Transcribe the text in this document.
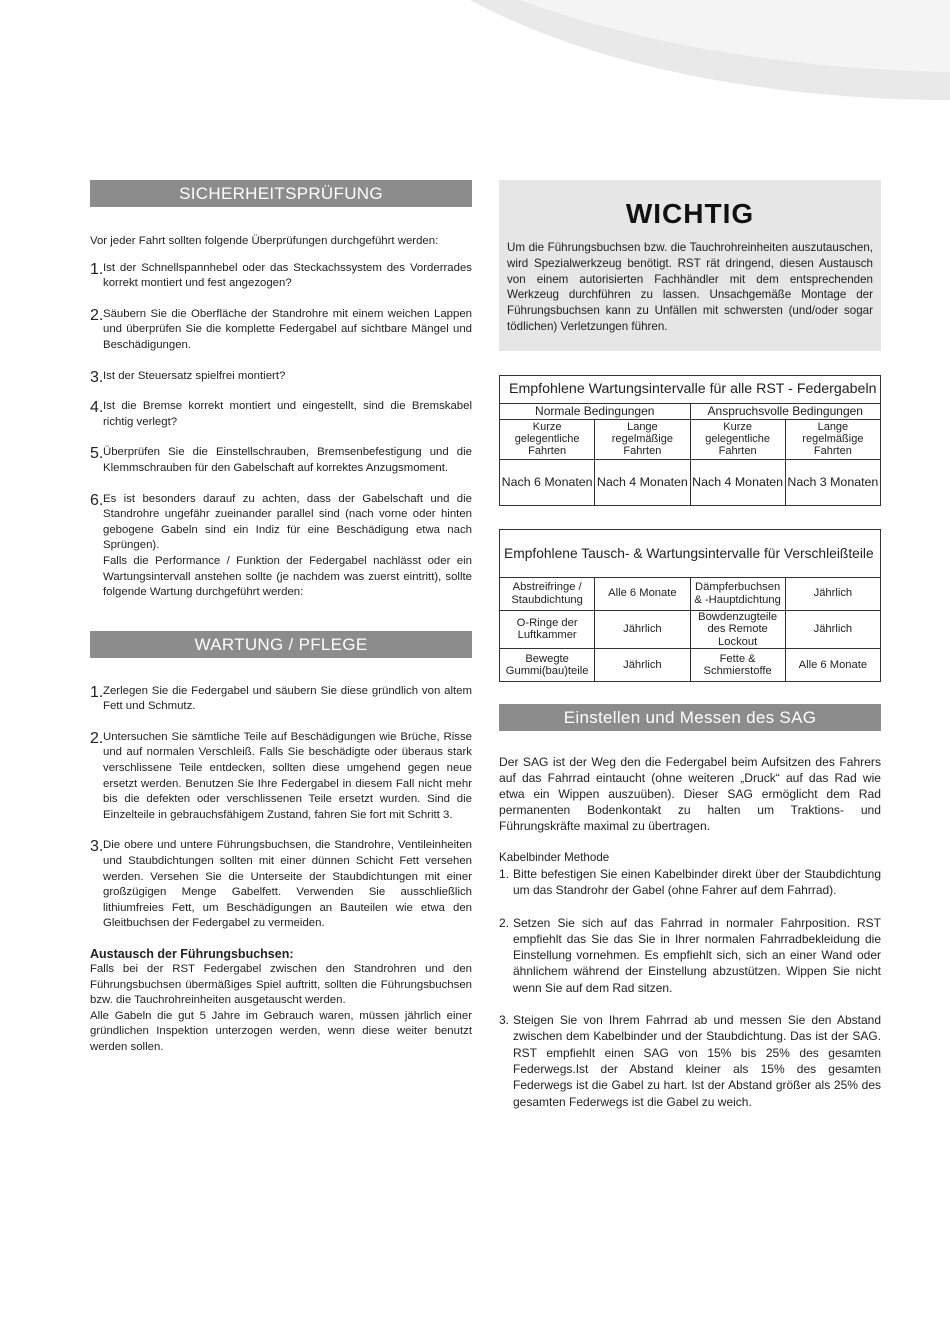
SICHERHEITSPRÜFUNG

Vor jeder Fahrt sollten folgende Überprüfungen durchgeführt werden:

1. Ist der Schnellspannhebel oder das Steckachssystem des Vorderrades korrekt montiert und fest angezogen?

2. Säubern Sie die Oberfläche der Standrohre mit einem weichen Lappen und überprüfen Sie die komplette Federgabel auf sichtbare Mängel und Beschädigungen.

3. Ist der Steuersatz spielfrei montiert?

4. Ist die Bremse korrekt montiert und eingestellt, sind die Bremskabel richtig verlegt?

5. Überprüfen Sie die Einstellschrauben, Bremsenbefestigung und die Klemmschrauben für den Gabelschaft auf korrektes Anzugsmoment.

6. Es ist besonders darauf zu achten, dass der Gabelschaft und die Standrohre ungefähr zueinander parallel sind (nach vorne oder hinten gebogene Gabeln sind ein Indiz für eine Beschädigung etwa nach Sprüngen).

Falls die Performance / Funktion der Federgabel nachlässt oder ein Wartungsintervall anstehen sollte (je nachdem was zuerst eintritt), sollte folgende Wartung durchgeführt werden:

WARTUNG / PFLEGE
1. Zerlegen Sie die Federgabel und säubern Sie diese gründlich von altem Fett und Schmutz.

2. Untersuchen Sie sämtliche Teile auf Beschädigungen wie Brüche, Risse und auf normalen Verschleiß. Falls Sie beschädigte oder überaus stark verschlissene Teile entdecken, sollten diese umgehend gegen neue ersetzt werden. Benutzen Sie Ihre Federgabel in diesem Fall nicht mehr bis die defekten oder verschlissenen Teile ersetzt wurden. Sind die Einzelteile in gebrauchsfähigem Zustand, fahren Sie fort mit Schritt 3.

3. Die obere und untere Führungsbuchsen, die Standrohre, Ventileinheiten und Staubdichtungen sollten mit einer dünnen Schicht Fett versehen werden. Versehen Sie die Unterseite der Staubdichtungen mit einer großzügigen Menge Gabelfett. Verwenden Sie ausschließlich lithiumfreies Fett, um Beschädigungen an Bauteilen wie etwa den Gleitbuchsen der Federgabel zu vermeiden.

Austausch der Führungsbuchsen:

Falls bei der RST Federgabel zwischen den Standrohren und den Führungsbuchsen übermäßiges Spiel auftritt, sollten die Führungsbuchsen bzw. die Tauchrohreinheiten ausgetauscht werden.

Alle Gabeln die gut 5 Jahre im Gebrauch waren, müssen jährlich einer gründlichen Inspektion unterzogen werden, wenn diese weiter benutzt werden sollen.

WICHTIG

Um die Führungsbuchsen bzw. die Tauchrohreinheiten auszutauschen, wird Spezialwerkzeug benötigt. RST rät dringend, diesen Austausch von einem autorisierten Fachhändler mit dem entsprechenden Werkzeug durchführen zu lassen. Unsachgemäße Montage der Führungsbuchsen kann zu Unfällen mit schwersten (und/oder sogar tödlichen) Verletzungen führen.

Empfohlene Wartungsintervalle für alle RST - Federgabeln			
Normale Bedingungen		Anspruchsvolle Bedingungen	
Kurze gelegentliche Fahrten	Lange regelmäßige Fahrten	Kurze gelegentliche Fahrten	Lange regelmäßige Fahrten
Nach 6 Monaten	Nach 4 Monaten	Nach 4 Monaten	Nach 3 Monaten
Empfohlene Tausch- & Wartungsintervalle für Verschleißteile			
Abstreifringe / Staubdichtung	Alle 6 Monate	Dämpferbuchsen & -Hauptdichtung	Jährlich
O-Ringe der Luftkammer	Jährlich	Bowdenzugteile des Remote Lockout	Jährlich
Bewegte Gummi(bau)teile	Jährlich	Fette & Schmierstoffe	Alle 6 Monate
Einstellen und Messen des SAG

Der SAG ist der Weg den die Federgabel beim Aufsitzen des Fahrers auf das Fahrrad eintaucht (ohne weiteren „Druck“ auf das Rad wie etwa ein Wippen auszuüben). Dieser SAG ermöglicht dem Rad permanenten Bodenkontakt zu halten um Traktions- und Führungskräfte maximal zu übertragen.

Kabelbinder Methode

1. Bitte befestigen Sie einen Kabelbinder direkt über der Staubdichtung um das Standrohr der Gabel (ohne Fahrer auf dem Fahrrad).
2. Setzen Sie sich auf das Fahrrad in normaler Fahrposition. RST empfiehlt das Sie das Sie in Ihrer normalen Fahrradbekleidung die Einstellung vornehmen. Es empfiehlt sich, sich an einer Wand oder ähnlichem während der Einstellung abzustützen. Wippen Sie nicht wenn Sie auf dem Rad sitzen.
3. Steigen Sie von Ihrem Fahrrad ab und messen Sie den Abstand zwischen dem Kabelbinder und der Staubdichtung. Das ist der SAG. RST empfiehlt einen SAG von 15% bis 25% des gesamten Federwegs.Ist der Abstand kleiner als 15% des gesamten Federwegs ist die Gabel zu hart. Ist der Abstand größer als 25% des gesamten Federwegs ist die Gabel zu weich.
